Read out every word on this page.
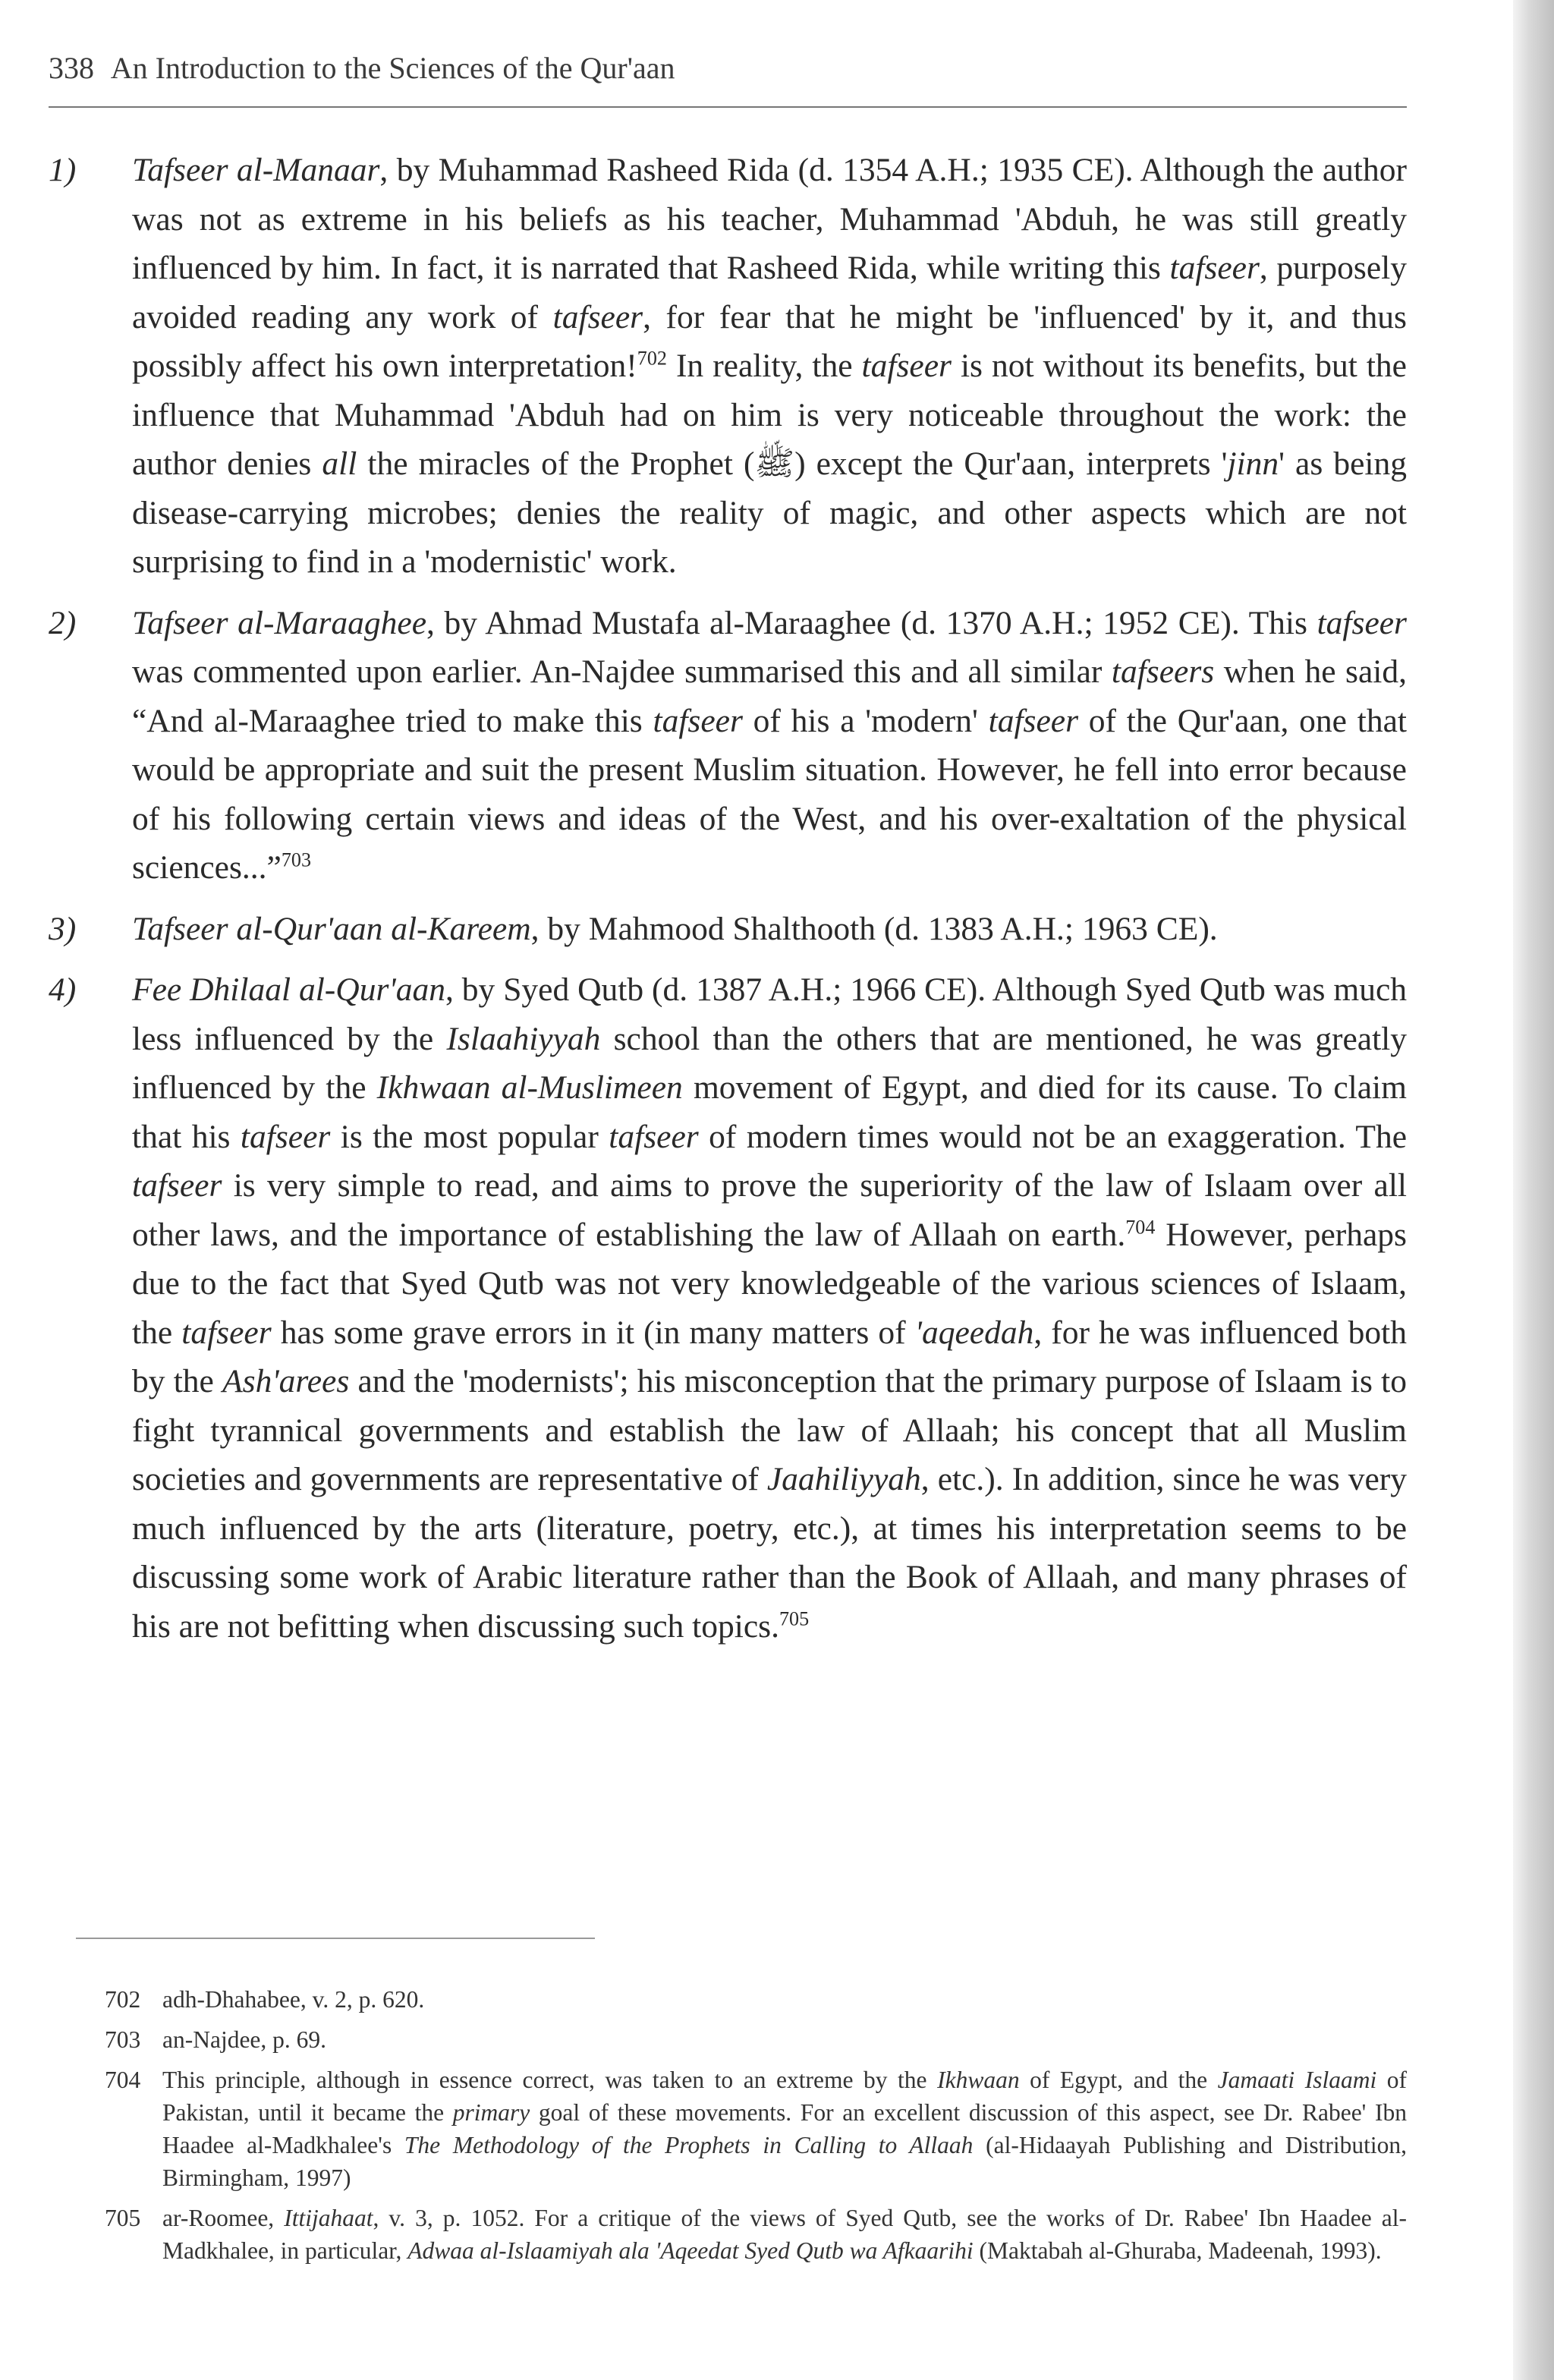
338 An Introduction to the Sciences of the Qur'aan
1) Tafseer al-Manaar, by Muhammad Rasheed Rida (d. 1354 A.H.; 1935 CE). Although the author was not as extreme in his beliefs as his teacher, Muhammad 'Abduh, he was still greatly influenced by him. In fact, it is narrated that Rasheed Rida, while writing this tafseer, purposely avoided reading any work of tafseer, for fear that he might be 'influenced' by it, and thus possibly affect his own interpretation!$^{702}$ In reality, the tafseer is not without its benefits, but the influence that Muhammad 'Abduh had on him is very noticeable throughout the work: the author denies all the miracles of the Prophet (ﷺ) except the Qur'aan, interprets 'jinn' as being disease-carrying microbes; denies the reality of magic, and other aspects which are not surprising to find in a 'modernistic' work.
2) Tafseer al-Maraaghee, by Ahmad Mustafa al-Maraaghee (d. 1370 A.H.; 1952 CE). This tafseer was commented upon earlier. An-Najdee summarised this and all similar tafseers when he said, “And al-Maraaghee tried to make this tafseer of his a 'modern' tafseer of the Qur'aan, one that would be appropriate and suit the present Muslim situation. However, he fell into error because of his following certain views and ideas of the West, and his over-exaltation of the physical sciences...”$^{703}$
3) Tafseer al-Qur'aan al-Kareem, by Mahmood Shalthooth (d. 1383 A.H.; 1963 CE).
4) Fee Dhilaal al-Qur'aan, by Syed Qutb (d. 1387 A.H.; 1966 CE). Although Syed Qutb was much less influenced by the Islaahiyyah school than the others that are mentioned, he was greatly influenced by the Ikhwaan al-Muslimeen movement of Egypt, and died for its cause. To claim that his tafseer is the most popular tafseer of modern times would not be an exaggeration. The tafseer is very simple to read, and aims to prove the superiority of the law of Islaam over all other laws, and the importance of establishing the law of Allaah on earth.$^{704}$ However, perhaps due to the fact that Syed Qutb was not very knowledgeable of the various sciences of Islaam, the tafseer has some grave errors in it (in many matters of 'aqeedah, for he was influenced both by the Ash'arees and the 'modernists'; his misconception that the primary purpose of Islaam is to fight tyrannical governments and establish the law of Allaah; his concept that all Muslim societies and governments are representative of Jaahiliyyah, etc.). In addition, since he was very much influenced by the arts (literature, poetry, etc.), at times his interpretation seems to be discussing some work of Arabic literature rather than the Book of Allaah, and many phrases of his are not befitting when discussing such topics.$^{705}$
702 adh-Dhahabee, v. 2, p. 620.
703 an-Najdee, p. 69.
704 This principle, although in essence correct, was taken to an extreme by the Ikhwaan of Egypt, and the Jamaati Islaami of Pakistan, until it became the primary goal of these movements. For an excellent discussion of this aspect, see Dr. Rabee' Ibn Haadee al-Madkhalee's The Methodology of the Prophets in Calling to Allaah (al-Hidaayah Publishing and Distribution, Birmingham, 1997)
705 ar-Roomee, Ittijahaat, v. 3, p. 1052. For a critique of the views of Syed Qutb, see the works of Dr. Rabee' Ibn Haadee al-Madkhalee, in particular, Adwaa al-Islaamiyah ala 'Aqeedat Syed Qutb wa Afkaarihi (Maktabah al-Ghuraba, Madeenah, 1993).
